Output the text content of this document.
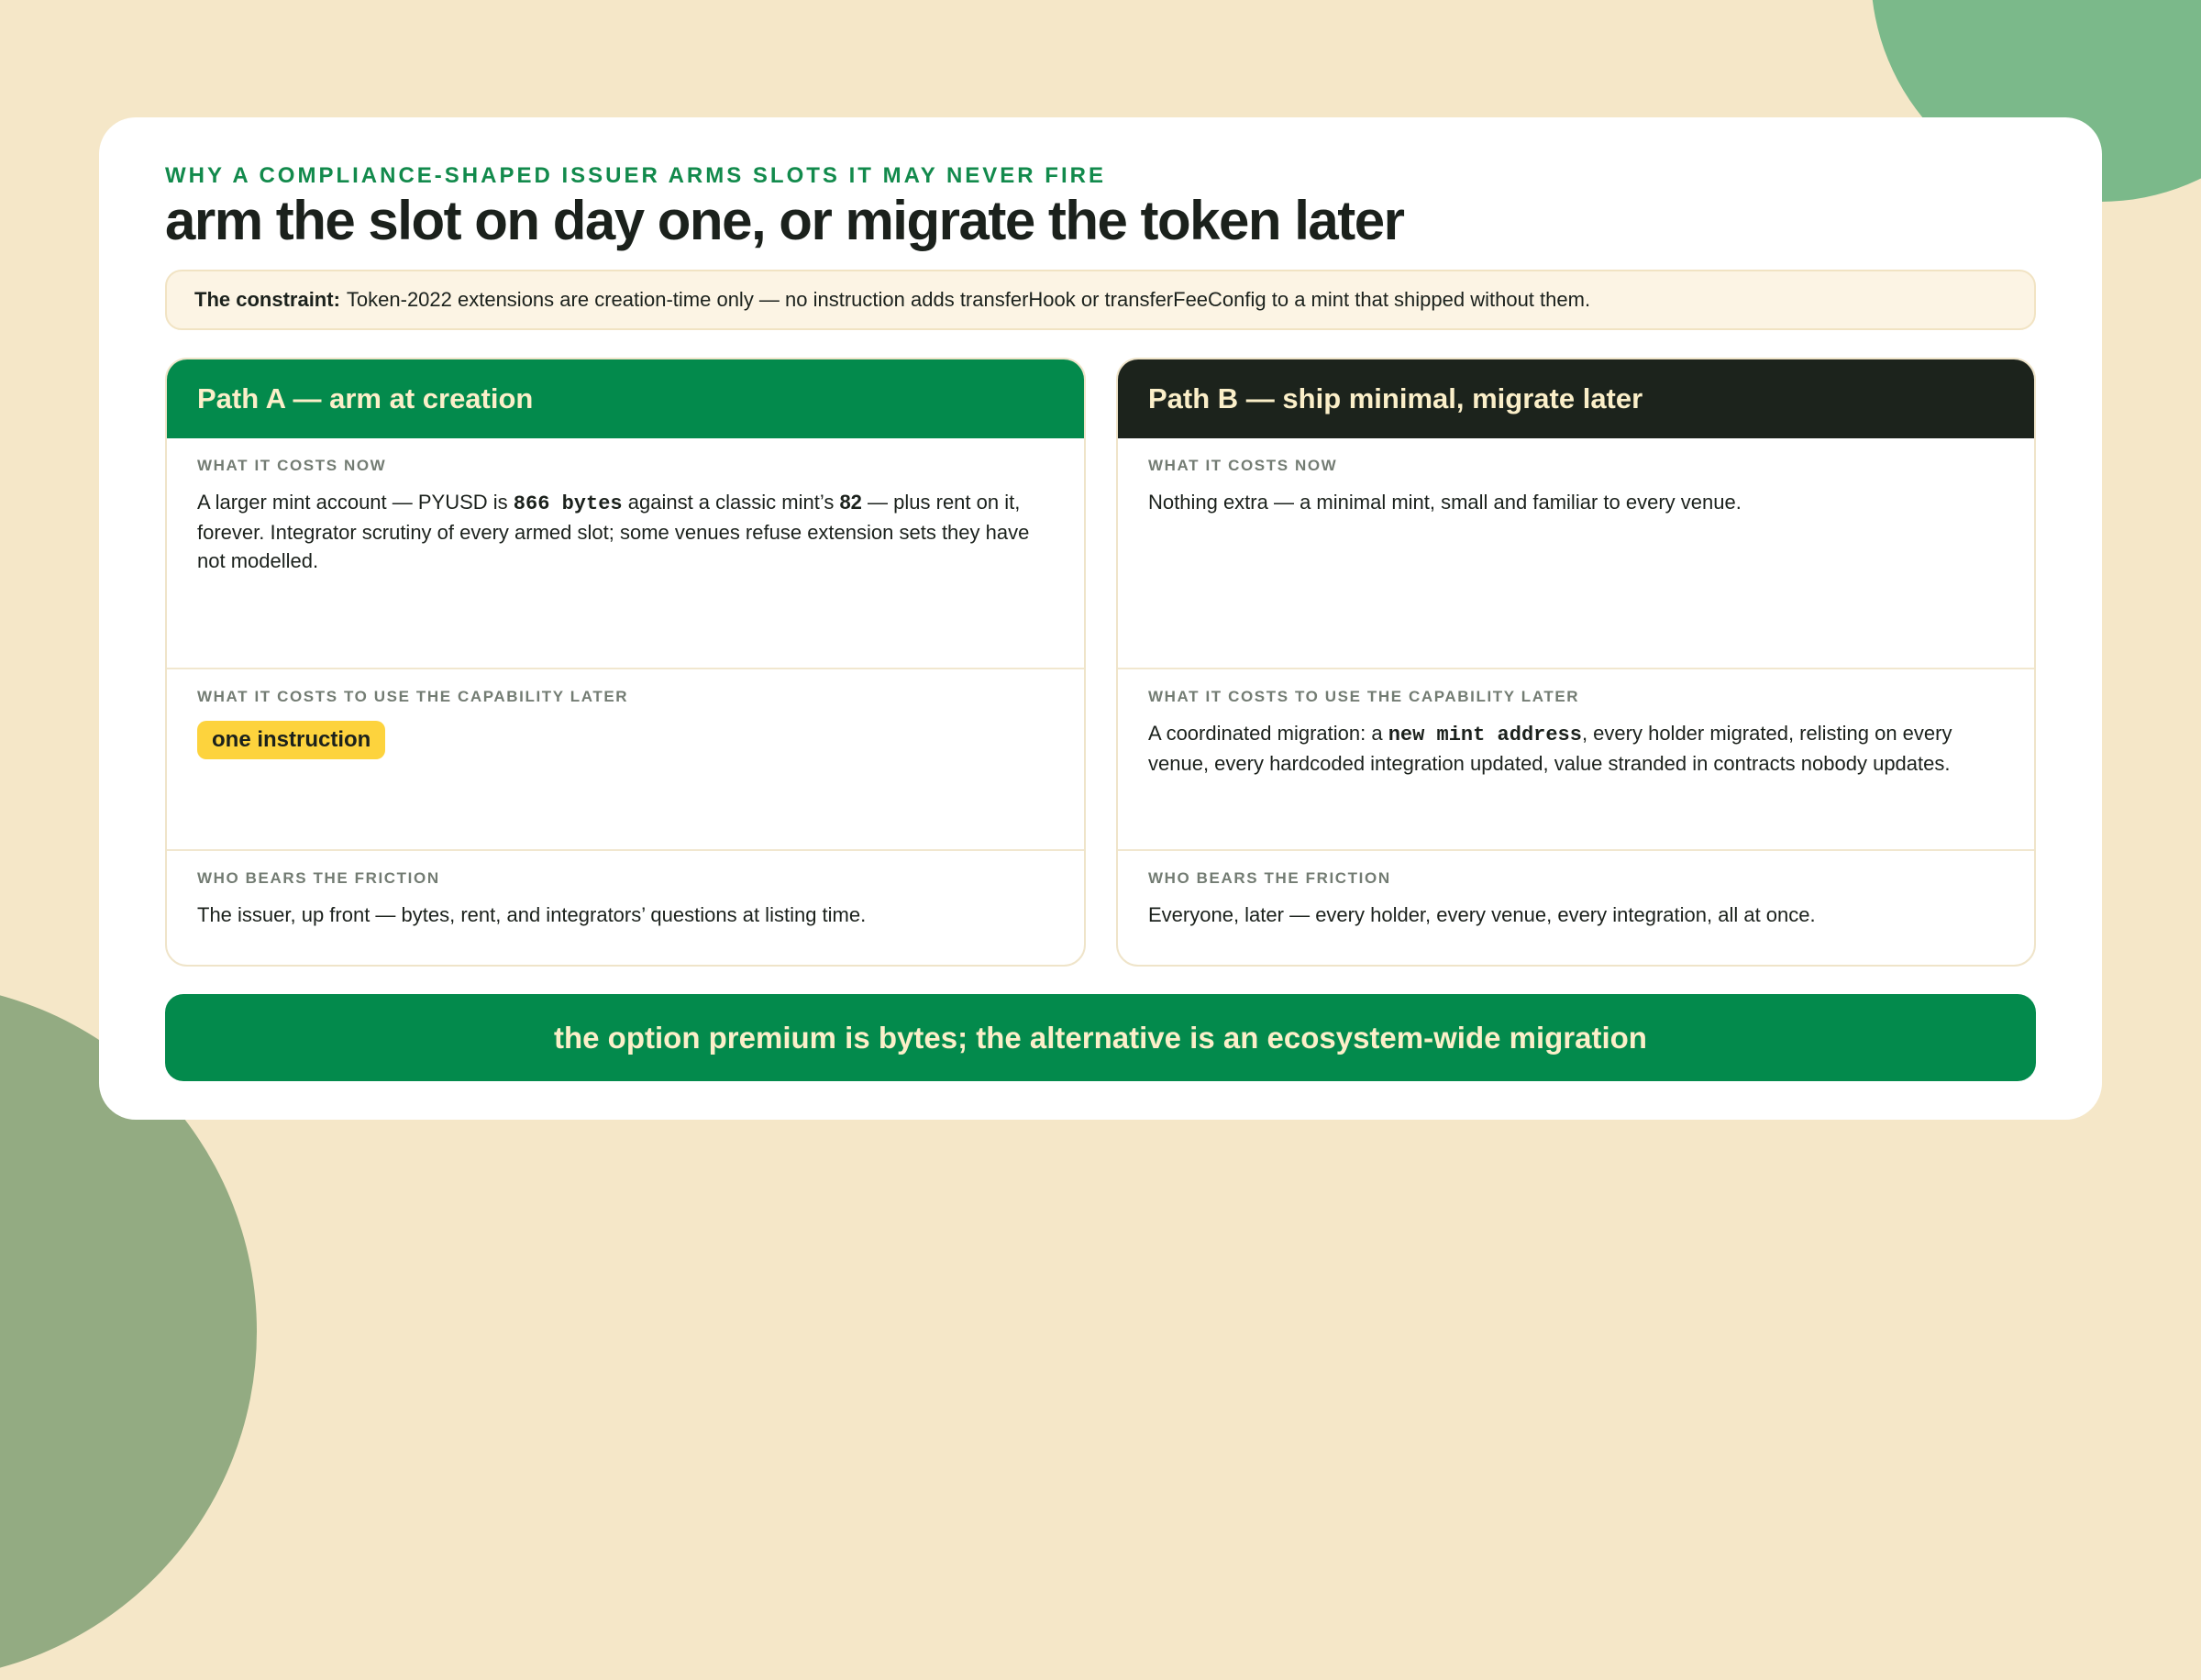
WHY A COMPLIANCE-SHAPED ISSUER ARMS SLOTS IT MAY NEVER FIRE
arm the slot on day one, or migrate the token later
The constraint: Token-2022 extensions are creation-time only — no instruction adds transferHook or transferFeeConfig to a mint that shipped without them.
Path A — arm at creation
WHAT IT COSTS NOW
A larger mint account — PYUSD is 866 bytes against a classic mint’s 82 — plus rent on it, forever. Integrator scrutiny of every armed slot; some venues refuse extension sets they have not modelled.
WHAT IT COSTS TO USE THE CAPABILITY LATER
one instruction
WHO BEARS THE FRICTION
The issuer, up front — bytes, rent, and integrators’ questions at listing time.
Path B — ship minimal, migrate later
WHAT IT COSTS NOW
Nothing extra — a minimal mint, small and familiar to every venue.
WHAT IT COSTS TO USE THE CAPABILITY LATER
A coordinated migration: a new mint address, every holder migrated, relisting on every venue, every hardcoded integration updated, value stranded in contracts nobody updates.
WHO BEARS THE FRICTION
Everyone, later — every holder, every venue, every integration, all at once.
the option premium is bytes; the alternative is an ecosystem-wide migration
